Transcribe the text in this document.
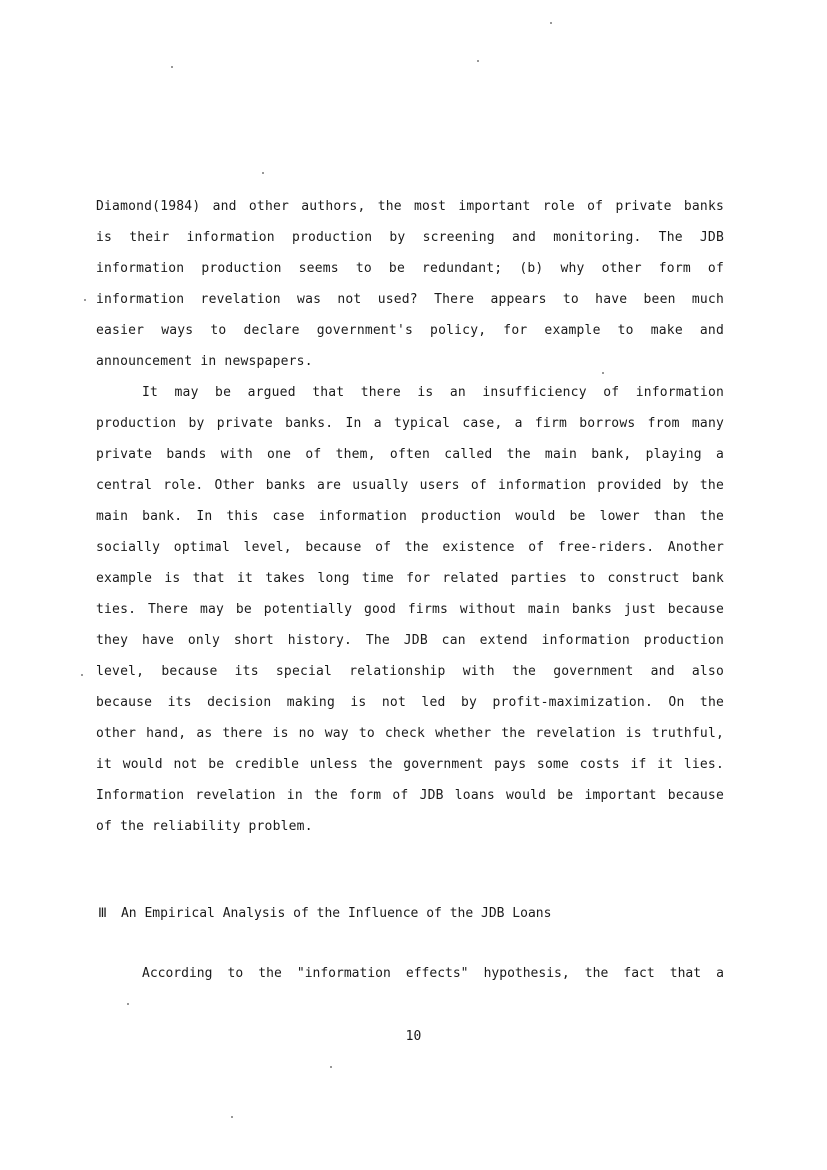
Diamond(1984) and other authors, the most important role of private banks
is their information production by screening and monitoring. The JDB
information production seems to be redundant; (b) why other form of
information revelation was not used? There appears to have been much
easier ways to declare government's policy, for example to make and
announcement in newspapers.
It may be argued that there is an insufficiency of information
production by private banks. In a typical case, a firm borrows from many
private bands with one of them, often called the main bank, playing a
central role. Other banks are usually users of information provided by the
main bank. In this case information production would be lower than the
socially optimal level, because of the existence of free-riders. Another
example is that it takes long time for related parties to construct bank
ties. There may be potentially good firms without main banks just because
they have only short history. The JDB can extend information production
level, because its special relationship with the government and also
because its decision making is not led by profit-maximization. On the
other hand, as there is no way to check whether the revelation is truthful,
it would not be credible unless the government pays some costs if it lies.
Information revelation in the form of JDB loans would be important because
of the reliability problem.
Ⅲ An Empirical Analysis of the Influence of the JDB Loans
According to the "information effects" hypothesis, the fact that a
10
